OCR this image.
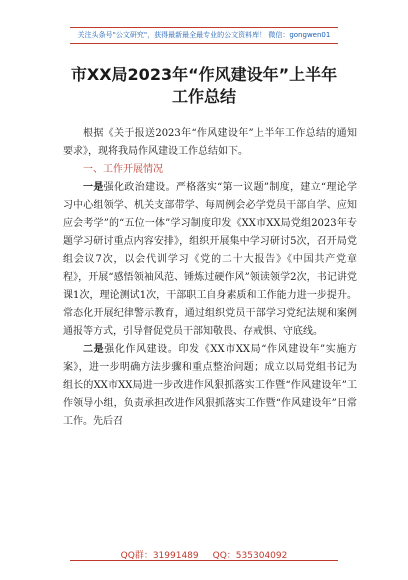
关注头条号"公文研究"，获得最新最全最专业的公文资料库！ 微信：gongwen01
市XX局2023年“作风建设年”上半年
工作总结

根据《关于报送2023年“作风建设年”上半年工作总结的通知要求》，现将我局作风建设工作总结如下。

一、工作开展情况

一是强化政治建设。严格落实“第一议题”制度，建立“理论学习中心组领学、机关支部带学、每周例会必学党员干部自学、应知应会考学”的“五位一体”学习制度印发《XX市XX局党组2023年专题学习研讨重点内容安排》，组织开展集中学习研讨5次，召开局党组会议7次，以会代训学习《党的二十大报告》《中国共产党章程》，开展“感悟领袖风范、锤炼过硬作风”领读领学2次，书记讲党课1次，理论测试1次，干部职工自身素质和工作能力进一步提升。常态化开展纪律警示教育，通过组织党员干部学习党纪法规和案例通报等方式，引导督促党员干部知敬畏、存戒惧、守底线。

二是强化作风建设。印发《XX市XX局“作风建设年”实施方案》，进一步明确方法步骤和重点整治问题；成立以局党组书记为组长的XX市XX局进一步改进作风狠抓落实工作暨“作风建设年”工作领导小组，负责承担改进作风狠抓落实工作暨“作风建设年”日常工作。先后召

QQ群：31991489 QQ：535304092
